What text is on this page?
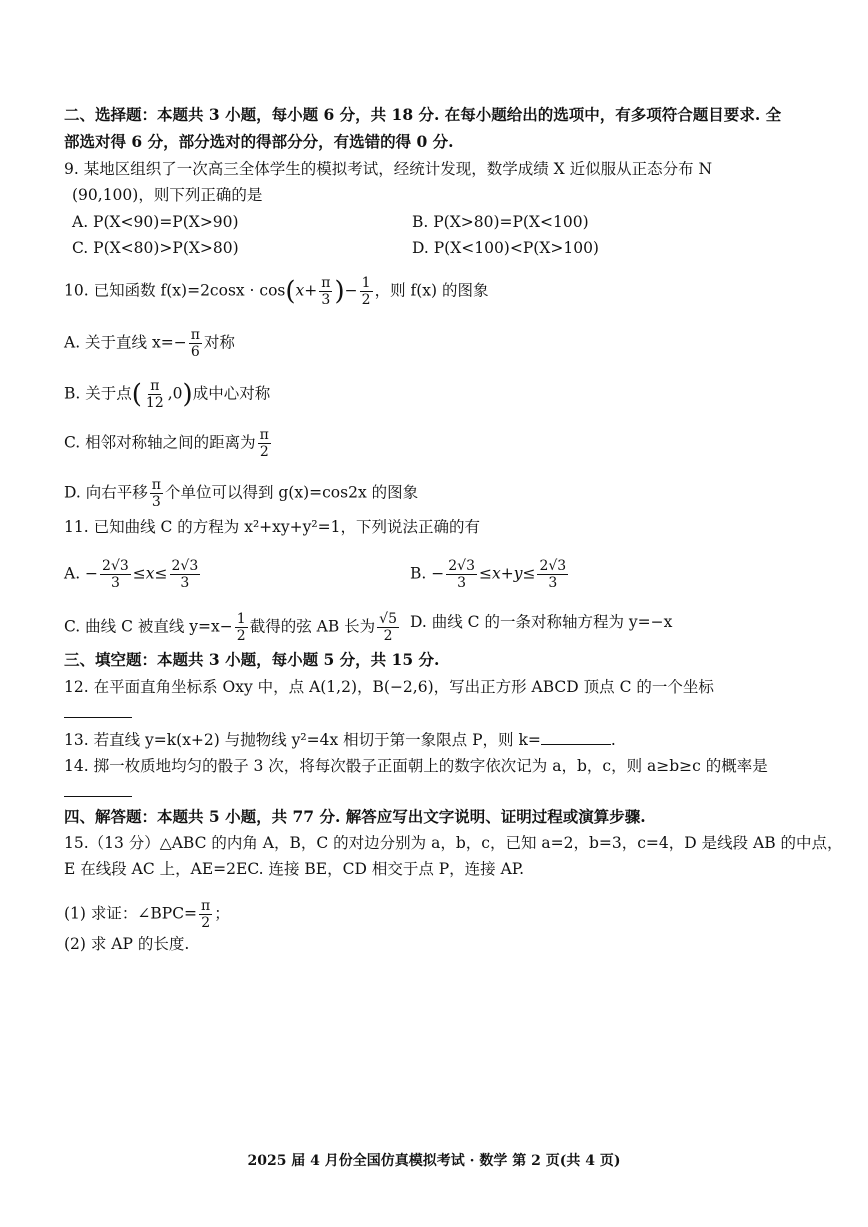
二、选择题：本题共 3 小题，每小题 6 分，共 18 分. 在每小题给出的选项中，有多项符合题目要求. 全
部选对得 6 分，部分选对的得部分分，有选错的得 0 分.
9. 某地区组织了一次高三全体学生的模拟考试，经统计发现，数学成绩 X 近似服从正态分布 N
(90,100)，则下列正确的是
A. P(X<90)=P(X>90)	B. P(X>80)=P(X<100)
C. P(X<80)>P(X>80)	D. P(X<100)<P(X>100)
10. 已知函数 $f(x)=2\cos x \cdot \cos(x+ \frac{\pi}{3}$ )− $\frac{1}{2}$ ，则 f(x) 的图象
A. 关于直线 $x=- \frac{\pi}{6}$ 对称
B. 关于点( $\frac{\pi}{12} ,0$)成中心对称
C. 相邻对称轴之间的距离为 $\frac{\pi}{2}$
D. 向右平移 $\frac{\pi}{3}$ 个单位可以得到 g(x)=cos2x 的图象
11. 已知曲线 C 的方程为 x²+xy+y²=1，下列说法正确的有
A. − $\frac{2√3}{3} \le x\le \frac{2√3}{3}$	B. − $\frac{2√3}{3} \le x+y\le \frac{2√3}{3}$
C. 曲线 C 被直线 $y=x- \frac{1}{2}$ 截得的弦 AB 长为 $\frac{√5}{2} D$. 曲线 C 的一条对称轴方程为 y=−x
三、填空题：本题共 3 小题，每小题 5 分，共 15 分.
12. 在平面直角坐标系 Oxy 中，点 A(1,2)，B(−2,6)，写出正方形 ABCD 顶点 C 的一个坐标
13. 若直线 y=k(x+2) 与抛物线 y²=4x 相切于第一象限点 P，则 k=	.
14. 掷一枚质地均匀的骰子 3 次，将每次骰子正面朝上的数字依次记为 a，b，c，则 a≥b≥c 的概率是
四、解答题：本题共 5 小题，共 77 分. 解答应写出文字说明、证明过程或演算步骤.
15.（13 分）△ABC 的内角 A，B，C 的对边分别为 a，b，c，已知 a=2，b=3，c=4，D 是线段 AB 的中点，
E 在线段 AC 上，AE=2EC. 连接 BE，CD 相交于点 P，连接 AP.
(1) 求证：∠BPC= $\frac{\pi}{2}$ ；
(2) 求 AP 的长度.
2025 届 4 月份全国仿真模拟考试 · 数学 第 2 页(共 4 页)
